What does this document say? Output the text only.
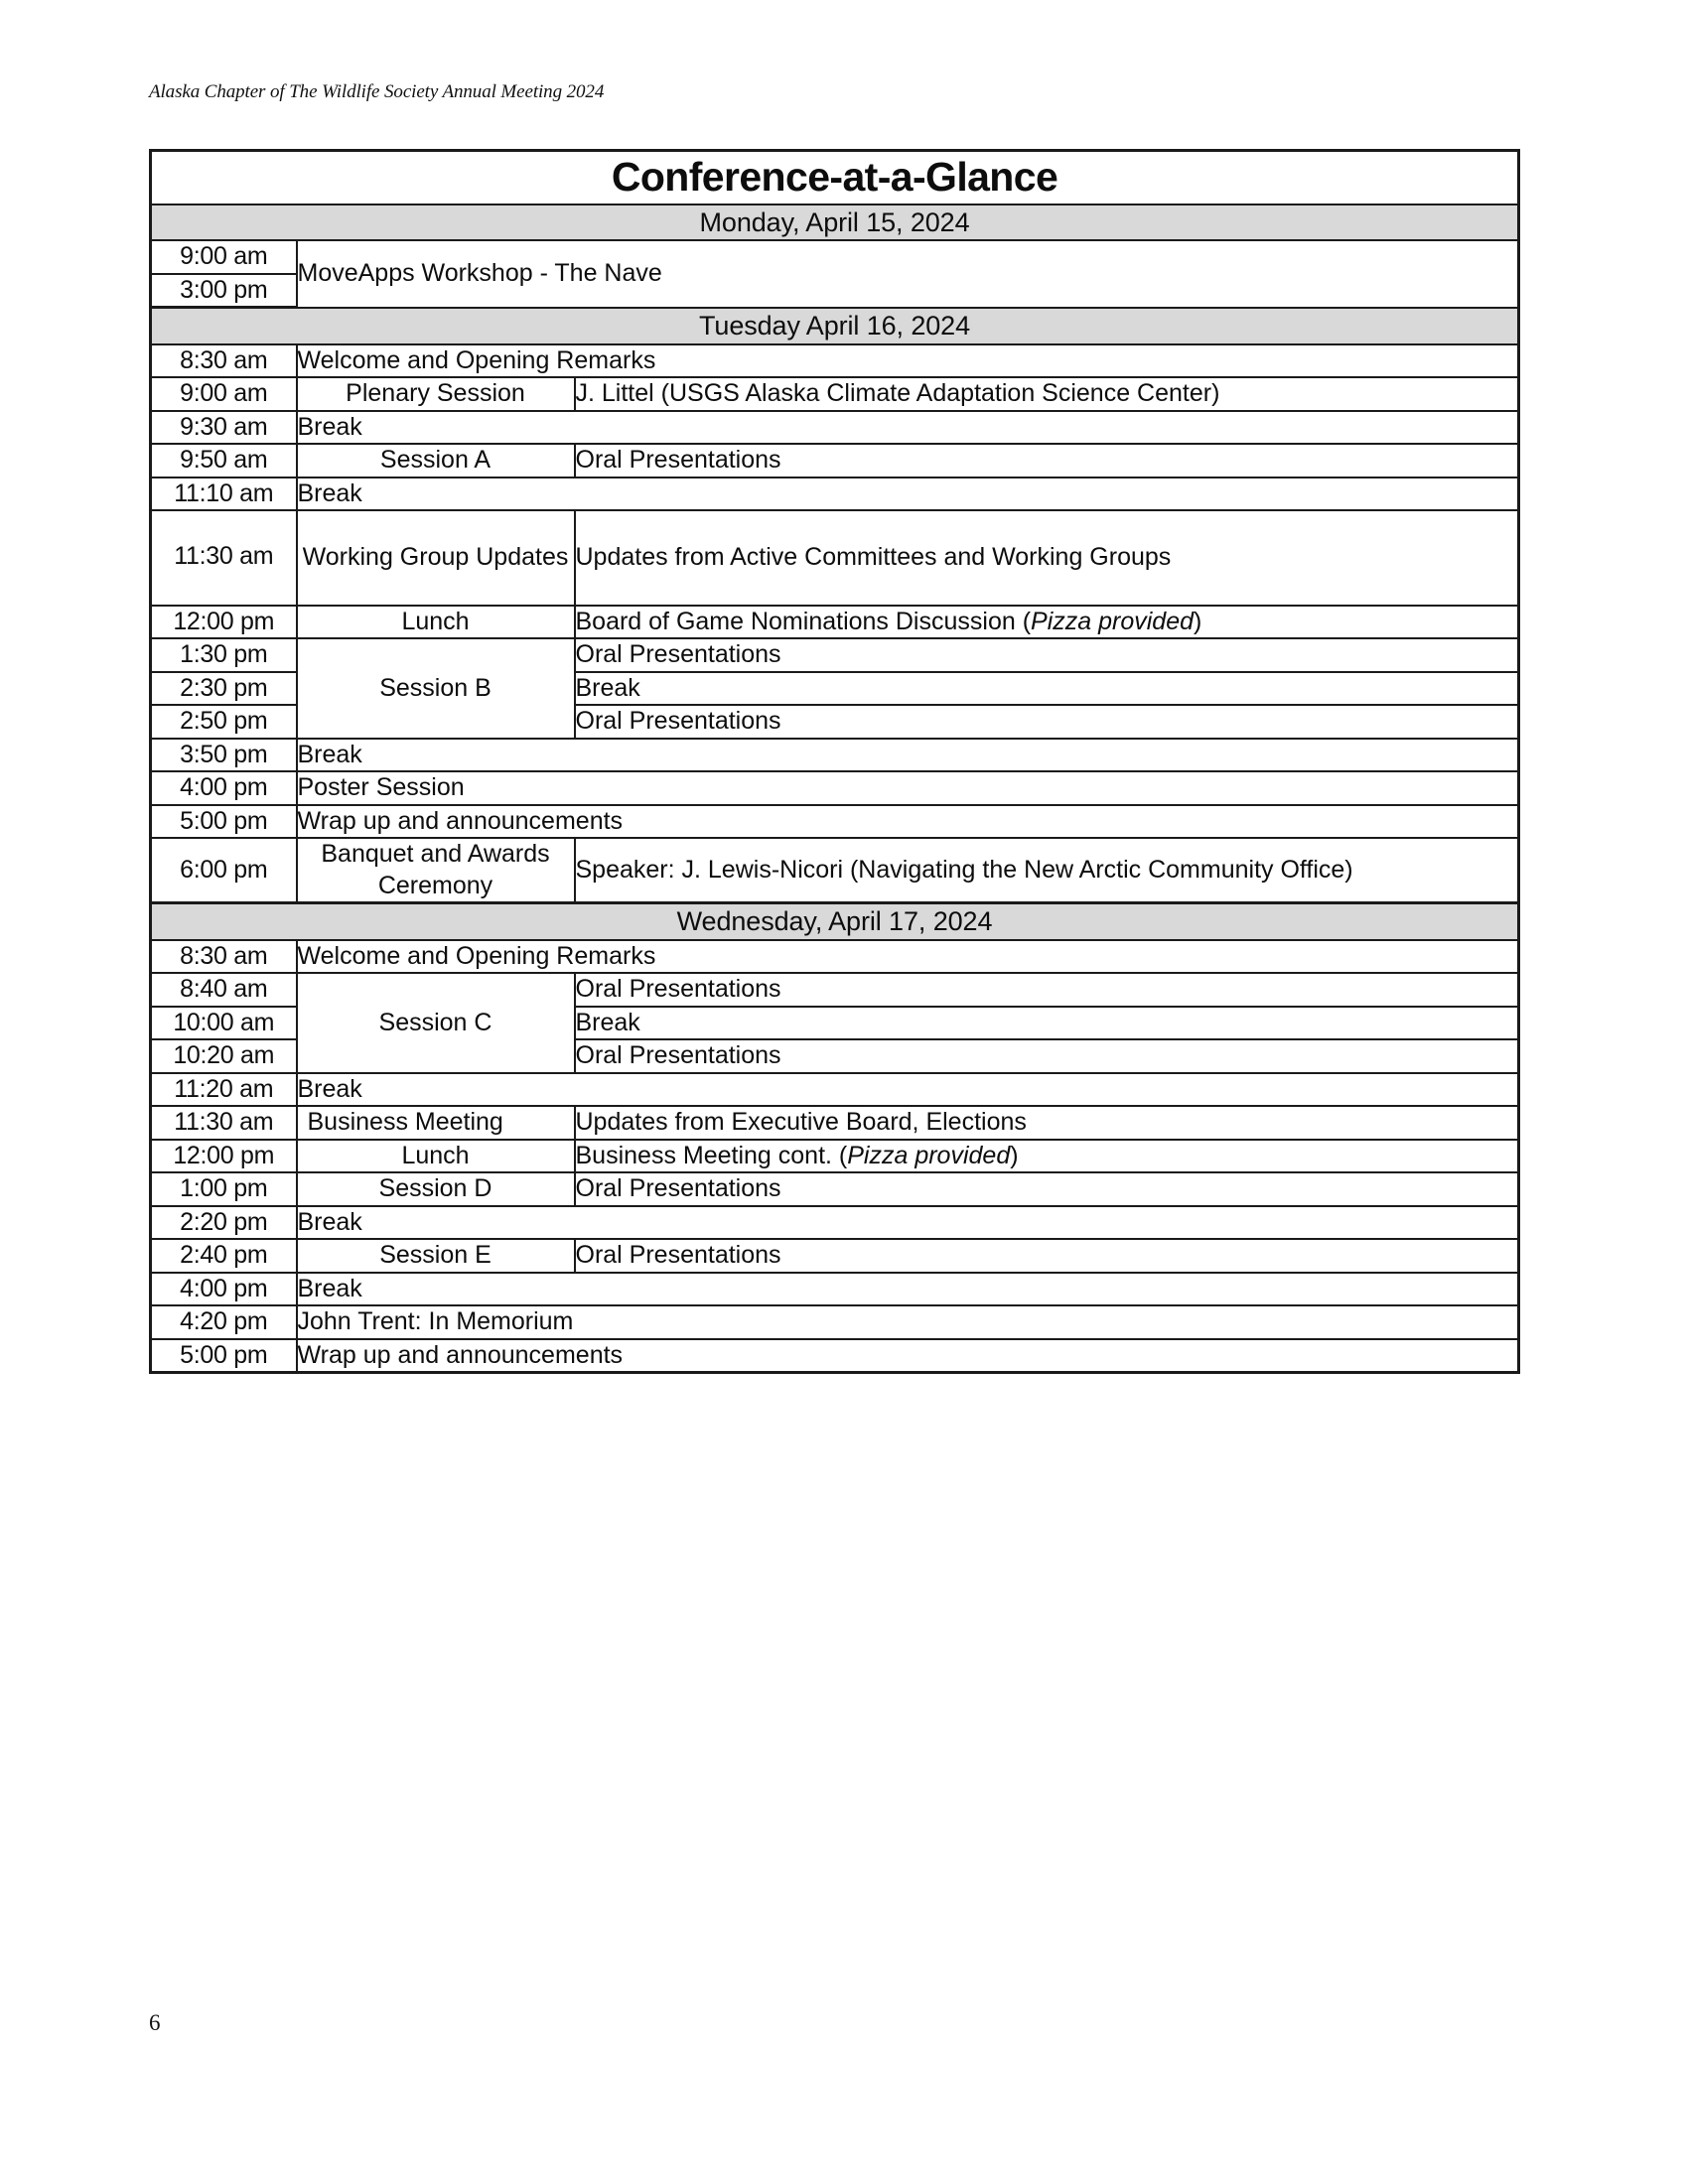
Alaska Chapter of The Wildlife Society Annual Meeting 2024
Conference-at-a-Glance		
Monday, April 15, 2024		
9:00 am	MoveApps Workshop - The Nave	
3:00 pm		
Tuesday April 16, 2024		
8:30 am	Welcome and Opening Remarks	
9:00 am	Plenary Session	J. Littel (USGS Alaska Climate Adaptation Science Center)
9:30 am	Break	
9:50 am	Session A	Oral Presentations
11:10 am	Break	
11:30 am	Working Group Updates	Updates from Active Committees and Working Groups
12:00 pm	Lunch	Board of Game Nominations Discussion (Pizza provided)
1:30 pm	Session B	Oral Presentations
2:30 pm		Break
2:50 pm		Oral Presentations
3:50 pm	Break	
4:00 pm	Poster Session	
5:00 pm	Wrap up and announcements	
6:00 pm	Banquet and Awards Ceremony	Speaker: J. Lewis-Nicori (Navigating the New Arctic Community Office)
Wednesday, April 17, 2024		
8:30 am	Welcome and Opening Remarks	
8:40 am	Session C	Oral Presentations
10:00 am		Break
10:20 am		Oral Presentations
11:20 am	Break	
11:30 am	Business Meeting	Updates from Executive Board, Elections
12:00 pm	Lunch	Business Meeting cont. (Pizza provided)
1:00 pm	Session D	Oral Presentations
2:20 pm	Break	
2:40 pm	Session E	Oral Presentations
4:00 pm	Break	
4:20 pm	John Trent: In Memorium	
5:00 pm	Wrap up and announcements	
6
